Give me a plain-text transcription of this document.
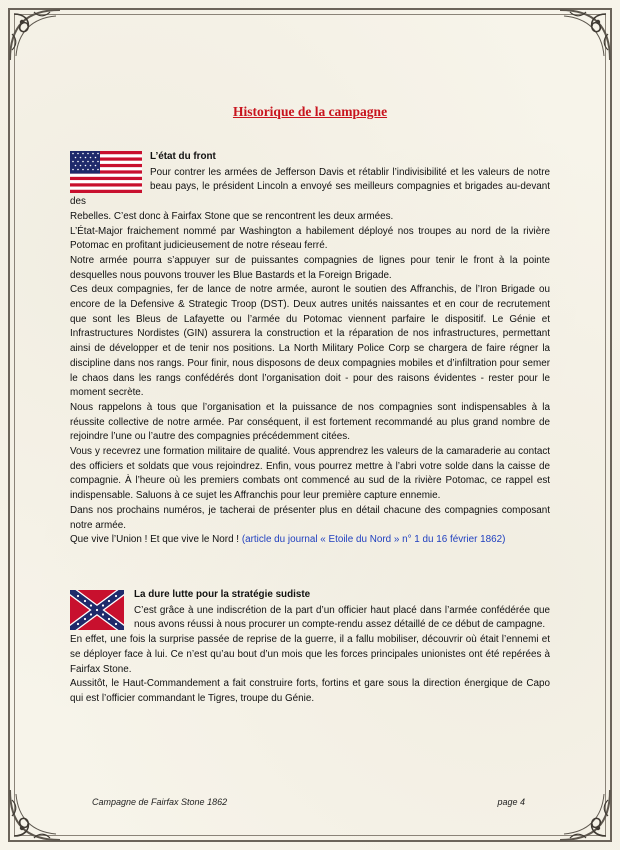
Historique de la campagne
L’état du front

Pour contrer les armées de Jefferson Davis et rétablir l’indivisibilité et les valeurs de notre beau pays, le président Lincoln a envoyé ses meilleurs compagnies et brigades au-devant des

Rebelles. C’est donc à Fairfax Stone que se rencontrent les deux armées.

L’État-Major fraichement nommé par Washington a habilement déployé nos troupes au nord de la rivière Potomac en profitant judicieusement de notre réseau ferré.

Notre armée pourra s’appuyer sur de puissantes compagnies de lignes pour tenir le front à la pointe desquelles nous pouvons trouver les Blue Bastards et la Foreign Brigade.

Ces deux compagnies, fer de lance de notre armée, auront le soutien des Affranchis, de l’Iron Brigade ou encore de la Defensive & Strategic Troop (DST). Deux autres unités naissantes et en cour de recrutement que sont les Bleus de Lafayette ou l’armée du Potomac viennent parfaire le dispositif. Le Génie et Infrastructures Nordistes (GIN) assurera la construction et la réparation de nos infrastructures, permettant ainsi de développer et de tenir nos positions. La North Military Police Corp se chargera de faire régner la discipline dans nos rangs. Pour finir, nous disposons de deux compagnies mobiles et d’infiltration pour semer le chaos dans les rangs confédérés dont l’organisation doit - pour des raisons évidentes - rester pour le moment secrète.

Nous rappelons à tous que l’organisation et la puissance de nos compagnies sont indispensables à la réussite collective de notre armée. Par conséquent, il est fortement recommandé au plus grand nombre de rejoindre l’une ou l’autre des compagnies précédemment citées.

Vous y recevrez une formation militaire de qualité. Vous apprendrez les valeurs de la camaraderie au contact des officiers et soldats que vous rejoindrez. Enfin, vous pourrez mettre à l’abri votre solde dans la caisse de compagnie. À l’heure où les premiers combats ont commencé au sud de la rivière Potomac, ce rappel est indispensable. Saluons à ce sujet les Affranchis pour leur première capture ennemie.

Dans nos prochains numéros, je tacherai de présenter plus en détail chacune des compagnies composant notre armée.

Que vive l’Union ! Et que vive le Nord ! (article du journal « Etoile du Nord » n° 1 du 16 février 1862)

La dure lutte pour la stratégie sudiste

C’est grâce à une indiscrétion de la part d’un officier haut placé dans l’armée confédérée que nous avons réussi à nous procurer un compte-rendu assez détaillé de ce début de campagne.

En effet, une fois la surprise passée de reprise de la guerre, il a fallu mobiliser, découvrir où était l’ennemi et se déployer face à lui. Ce n’est qu’au bout d’un mois que les forces principales unionistes ont été repérées à Fairfax Stone.

Aussitôt, le Haut-Commandement a fait construire forts, fortins et gare sous la direction énergique de Capo qui est l’officier commandant le Tigres, troupe du Génie.

Campagne de Fairfax Stone 1862	page 4
